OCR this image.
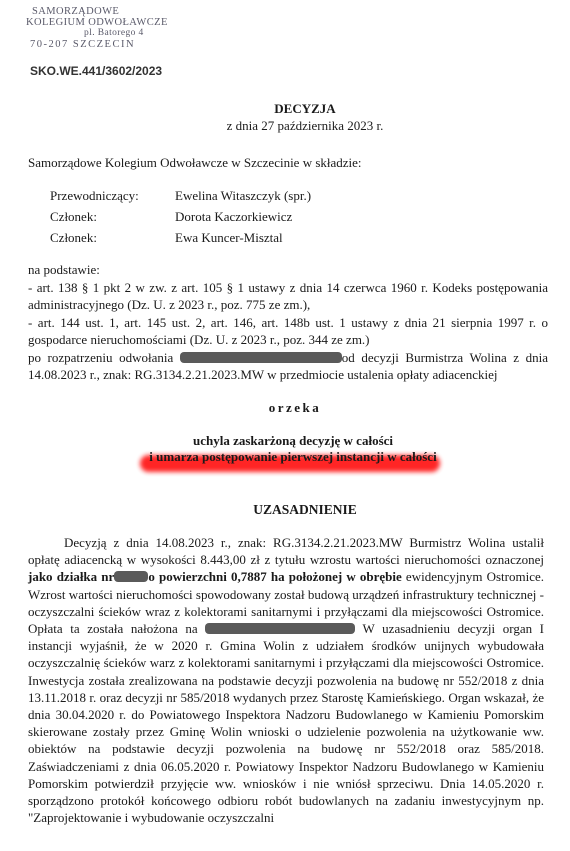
SAMORZĄDOWE
KOLEGIUM ODWOŁAWCZE
pl. Batorego 4
70-207 SZCZECIN
SKO.WE.441/3602/2023
DECYZJA
z dnia 27 października 2023 r.
Samorządowe Kolegium Odwoławcze w Szczecinie w składzie:
Przewodniczący:	Ewelina Witaszczyk (spr.)
Członek:	Dorota Kaczorkiewicz
Członek:	Ewa Kuncer-Misztal
na podstawie:
- art. 138 § 1 pkt 2 w zw. z art. 105 § 1 ustawy z dnia 14 czerwca 1960 r. Kodeks postępowania administracyjnego (Dz. U. z 2023 r., poz. 775 ze zm.),
- art. 144 ust. 1, art. 145 ust. 2, art. 146, art. 148b ust. 1 ustawy z dnia 21 sierpnia 1997 r. o gospodarce nieruchomościami (Dz. U. z 2023 r., poz. 344 ze zm.)
po rozpatrzeniu odwołania	od decyzji Burmistrza Wolina z dnia 14.08.2023 r., znak: RG.3134.2.21.2023.MW w przedmiocie ustalenia opłaty adiacenckiej
orzeka
uchyla zaskarżoną decyzję w całości
i umarza postępowanie pierwszej instancji w całości
UZASADNIENIE

Decyzją z dnia 14.08.2023 r., znak: RG.3134.2.21.2023.MW Burmistrz Wolina ustalił opłatę adiacencką w wysokości 8.443,00 zł z tytułu wzrostu wartości nieruchomości oznaczonej jako działka nr	o powierzchni 0,7887 ha położonej w obrębie ewidencyjnym Ostromice. Wzrost wartości nieruchomości spowodowany został budową urządzeń infrastruktury technicznej - oczyszczalni ścieków wraz z kolektorami sanitarnymi i przyłączami dla miejscowości Ostromice. Opłata ta została nałożona na	W uzasadnieniu decyzji organ I instancji wyjaśnił, że w 2020 r. Gmina Wolin z udziałem środków unijnych wybudowała oczyszczalnię ścieków warz z kolektorami sanitarnymi i przyłączami dla miejscowości Ostromice. Inwestycja została zrealizowana na podstawie decyzji pozwolenia na budowę nr 552/2018 z dnia 13.11.2018 r. oraz decyzji nr 585/2018 wydanych przez Starostę Kamieńskiego. Organ wskazał, że dnia 30.04.2020 r. do Powiatowego Inspektora Nadzoru Budowlanego w Kamieniu Pomorskim skierowane zostały przez Gminę Wolin wnioski o udzielenie pozwolenia na użytkowanie ww. obiektów na podstawie decyzji pozwolenia na budowę nr 552/2018 oraz 585/2018. Zaświadczeniami z dnia 06.05.2020 r. Powiatowy Inspektor Nadzoru Budowlanego w Kamieniu Pomorskim potwierdził przyjęcie ww. wniosków i nie wniósł sprzeciwu. Dnia 14.05.2020 r. sporządzono protokół końcowego odbioru robót budowlanych na zadaniu inwestycyjnym np. "Zaprojektowanie i wybudowanie oczyszczalni
